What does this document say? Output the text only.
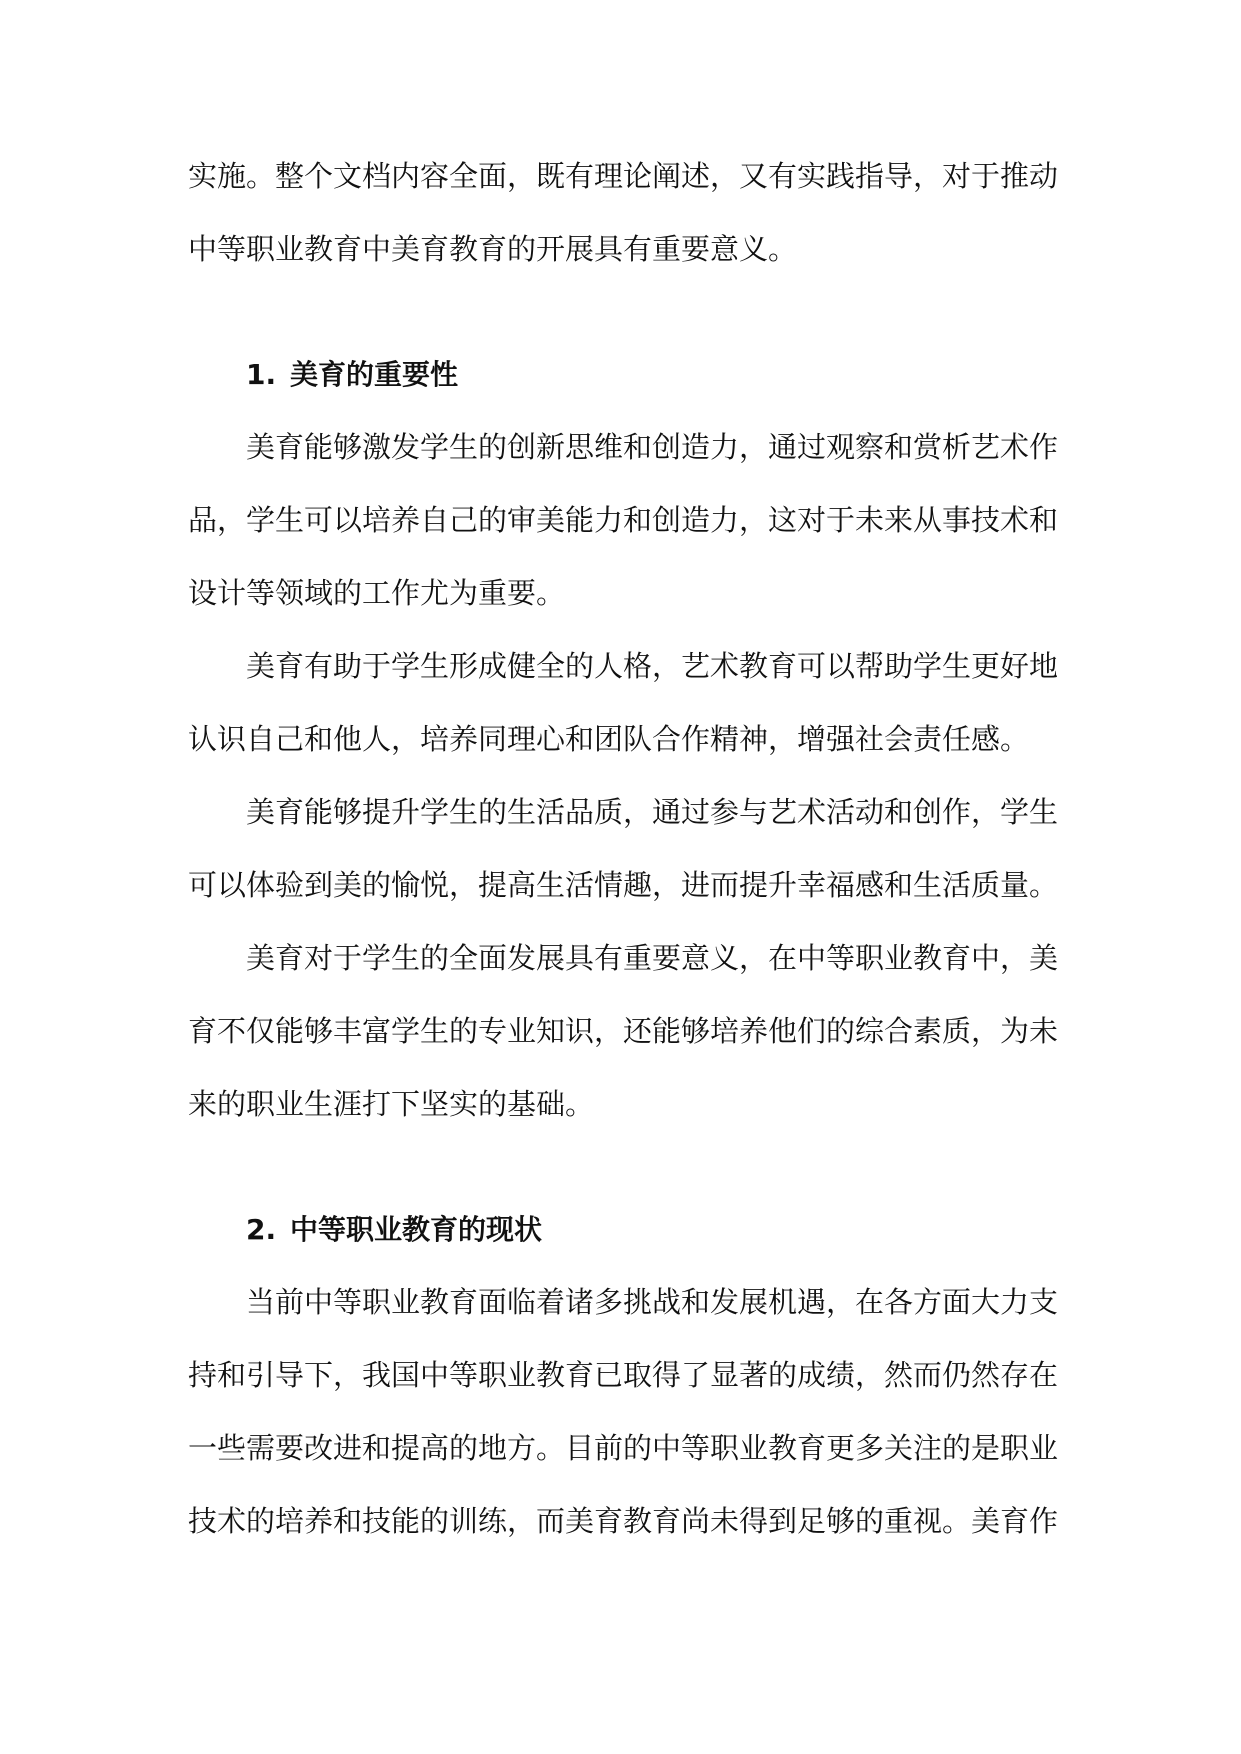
实施。整个文档内容全面，既有理论阐述，又有实践指导，对于推动中等职业教育中美育教育的开展具有重要意义。

1. 美育的重要性

美育能够激发学生的创新思维和创造力，通过观察和赏析艺术作品，学生可以培养自己的审美能力和创造力，这对于未来从事技术和设计等领域的工作尤为重要。

美育有助于学生形成健全的人格，艺术教育可以帮助学生更好地认识自己和他人，培养同理心和团队合作精神，增强社会责任感。

美育能够提升学生的生活品质，通过参与艺术活动和创作，学生可以体验到美的愉悦，提高生活情趣，进而提升幸福感和生活质量。

美育对于学生的全面发展具有重要意义，在中等职业教育中，美育不仅能够丰富学生的专业知识，还能够培养他们的综合素质，为未来的职业生涯打下坚实的基础。

2. 中等职业教育的现状

当前中等职业教育面临着诸多挑战和发展机遇，在各方面大力支持和引导下，我国中等职业教育已取得了显著的成绩，然而仍然存在一些需要改进和提高的地方。目前的中等职业教育更多关注的是职业技术的培养和技能的训练，而美育教育尚未得到足够的重视。美育作
